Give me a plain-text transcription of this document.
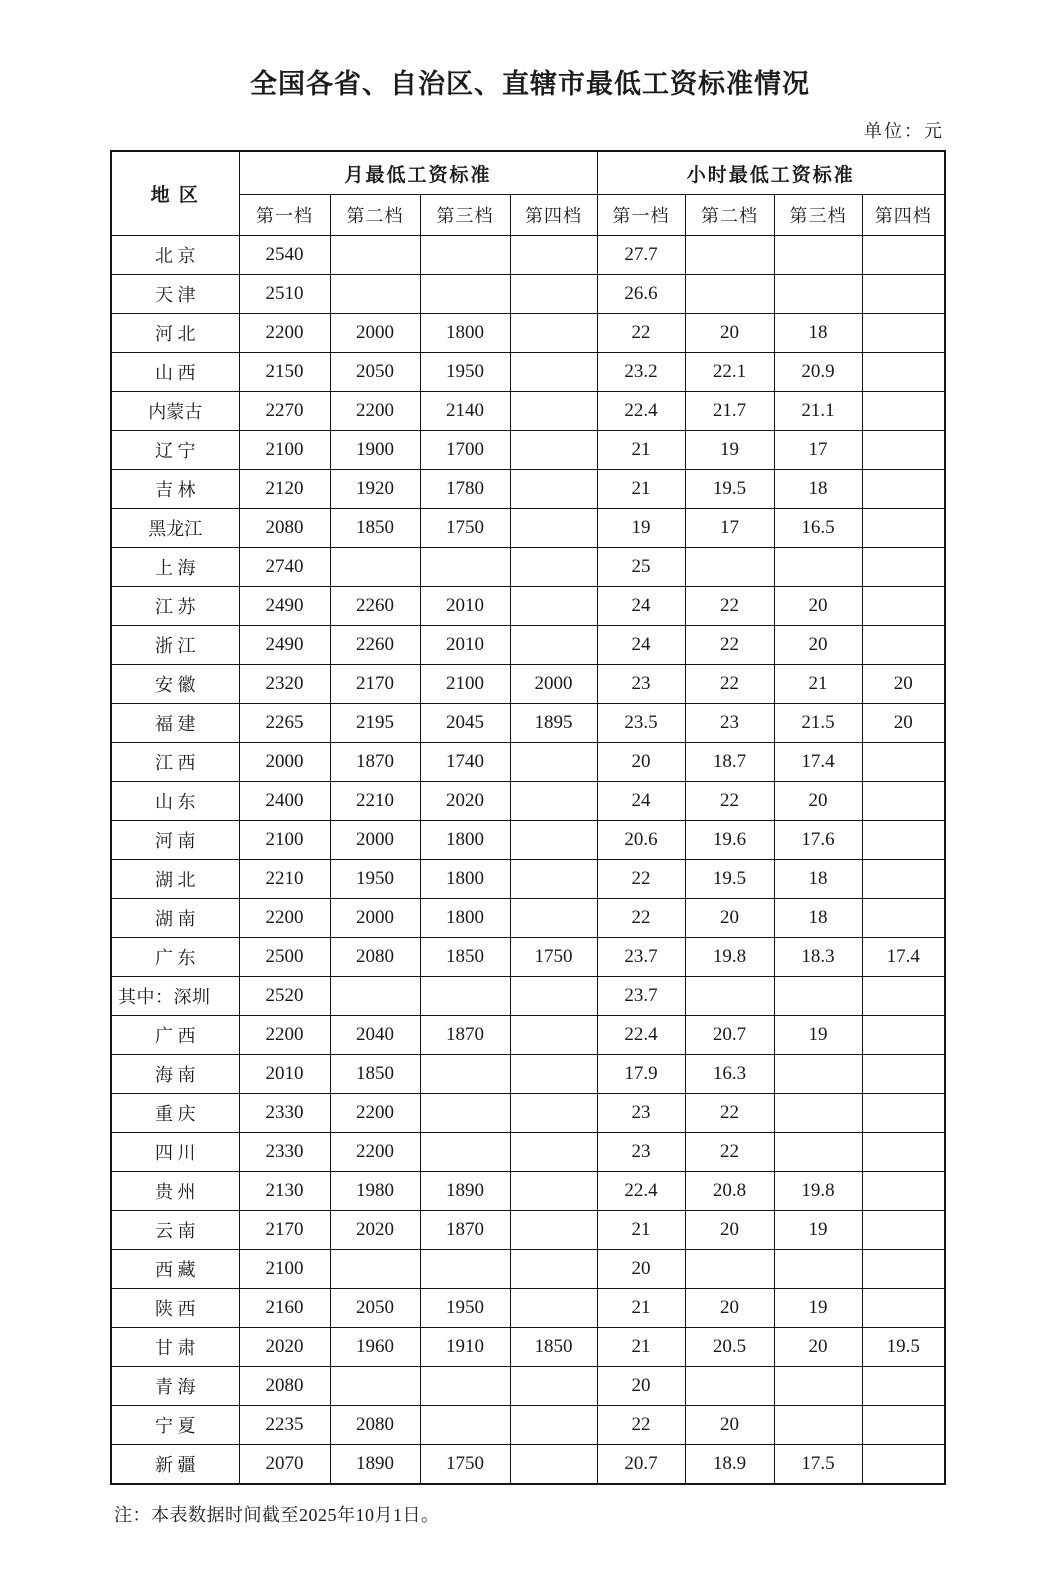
全国各省、自治区、直辖市最低工资标准情况
单位：元
地 区	月最低工资标准				小时最低工资标准			
	第一档	第二档	第三档	第四档	第一档	第二档	第三档	第四档
北 京	2540				27.7			
天 津	2510				26.6			
河 北	2200	2000	1800		22	20	18	
山 西	2150	2050	1950		23.2	22.1	20.9	
内蒙古	2270	2200	2140		22.4	21.7	21.1	
辽 宁	2100	1900	1700		21	19	17	
吉 林	2120	1920	1780		21	19.5	18	
黑龙江	2080	1850	1750		19	17	16.5	
上 海	2740				25			
江 苏	2490	2260	2010		24	22	20	
浙 江	2490	2260	2010		24	22	20	
安 徽	2320	2170	2100	2000	23	22	21	20
福 建	2265	2195	2045	1895	23.5	23	21.5	20
江 西	2000	1870	1740		20	18.7	17.4	
山 东	2400	2210	2020		24	22	20	
河 南	2100	2000	1800		20.6	19.6	17.6	
湖 北	2210	1950	1800		22	19.5	18	
湖 南	2200	2000	1800		22	20	18	
广 东	2500	2080	1850	1750	23.7	19.8	18.3	17.4
其中：深圳	2520				23.7			
广 西	2200	2040	1870		22.4	20.7	19	
海 南	2010	1850			17.9	16.3		
重 庆	2330	2200			23	22		
四 川	2330	2200			23	22		
贵 州	2130	1980	1890		22.4	20.8	19.8	
云 南	2170	2020	1870		21	20	19	
西 藏	2100				20			
陕 西	2160	2050	1950		21	20	19	
甘 肃	2020	1960	1910	1850	21	20.5	20	19.5
青 海	2080				20			
宁 夏	2235	2080			22	20		
新 疆	2070	1890	1750		20.7	18.9	17.5	
注：本表数据时间截至2025年10月1日。
